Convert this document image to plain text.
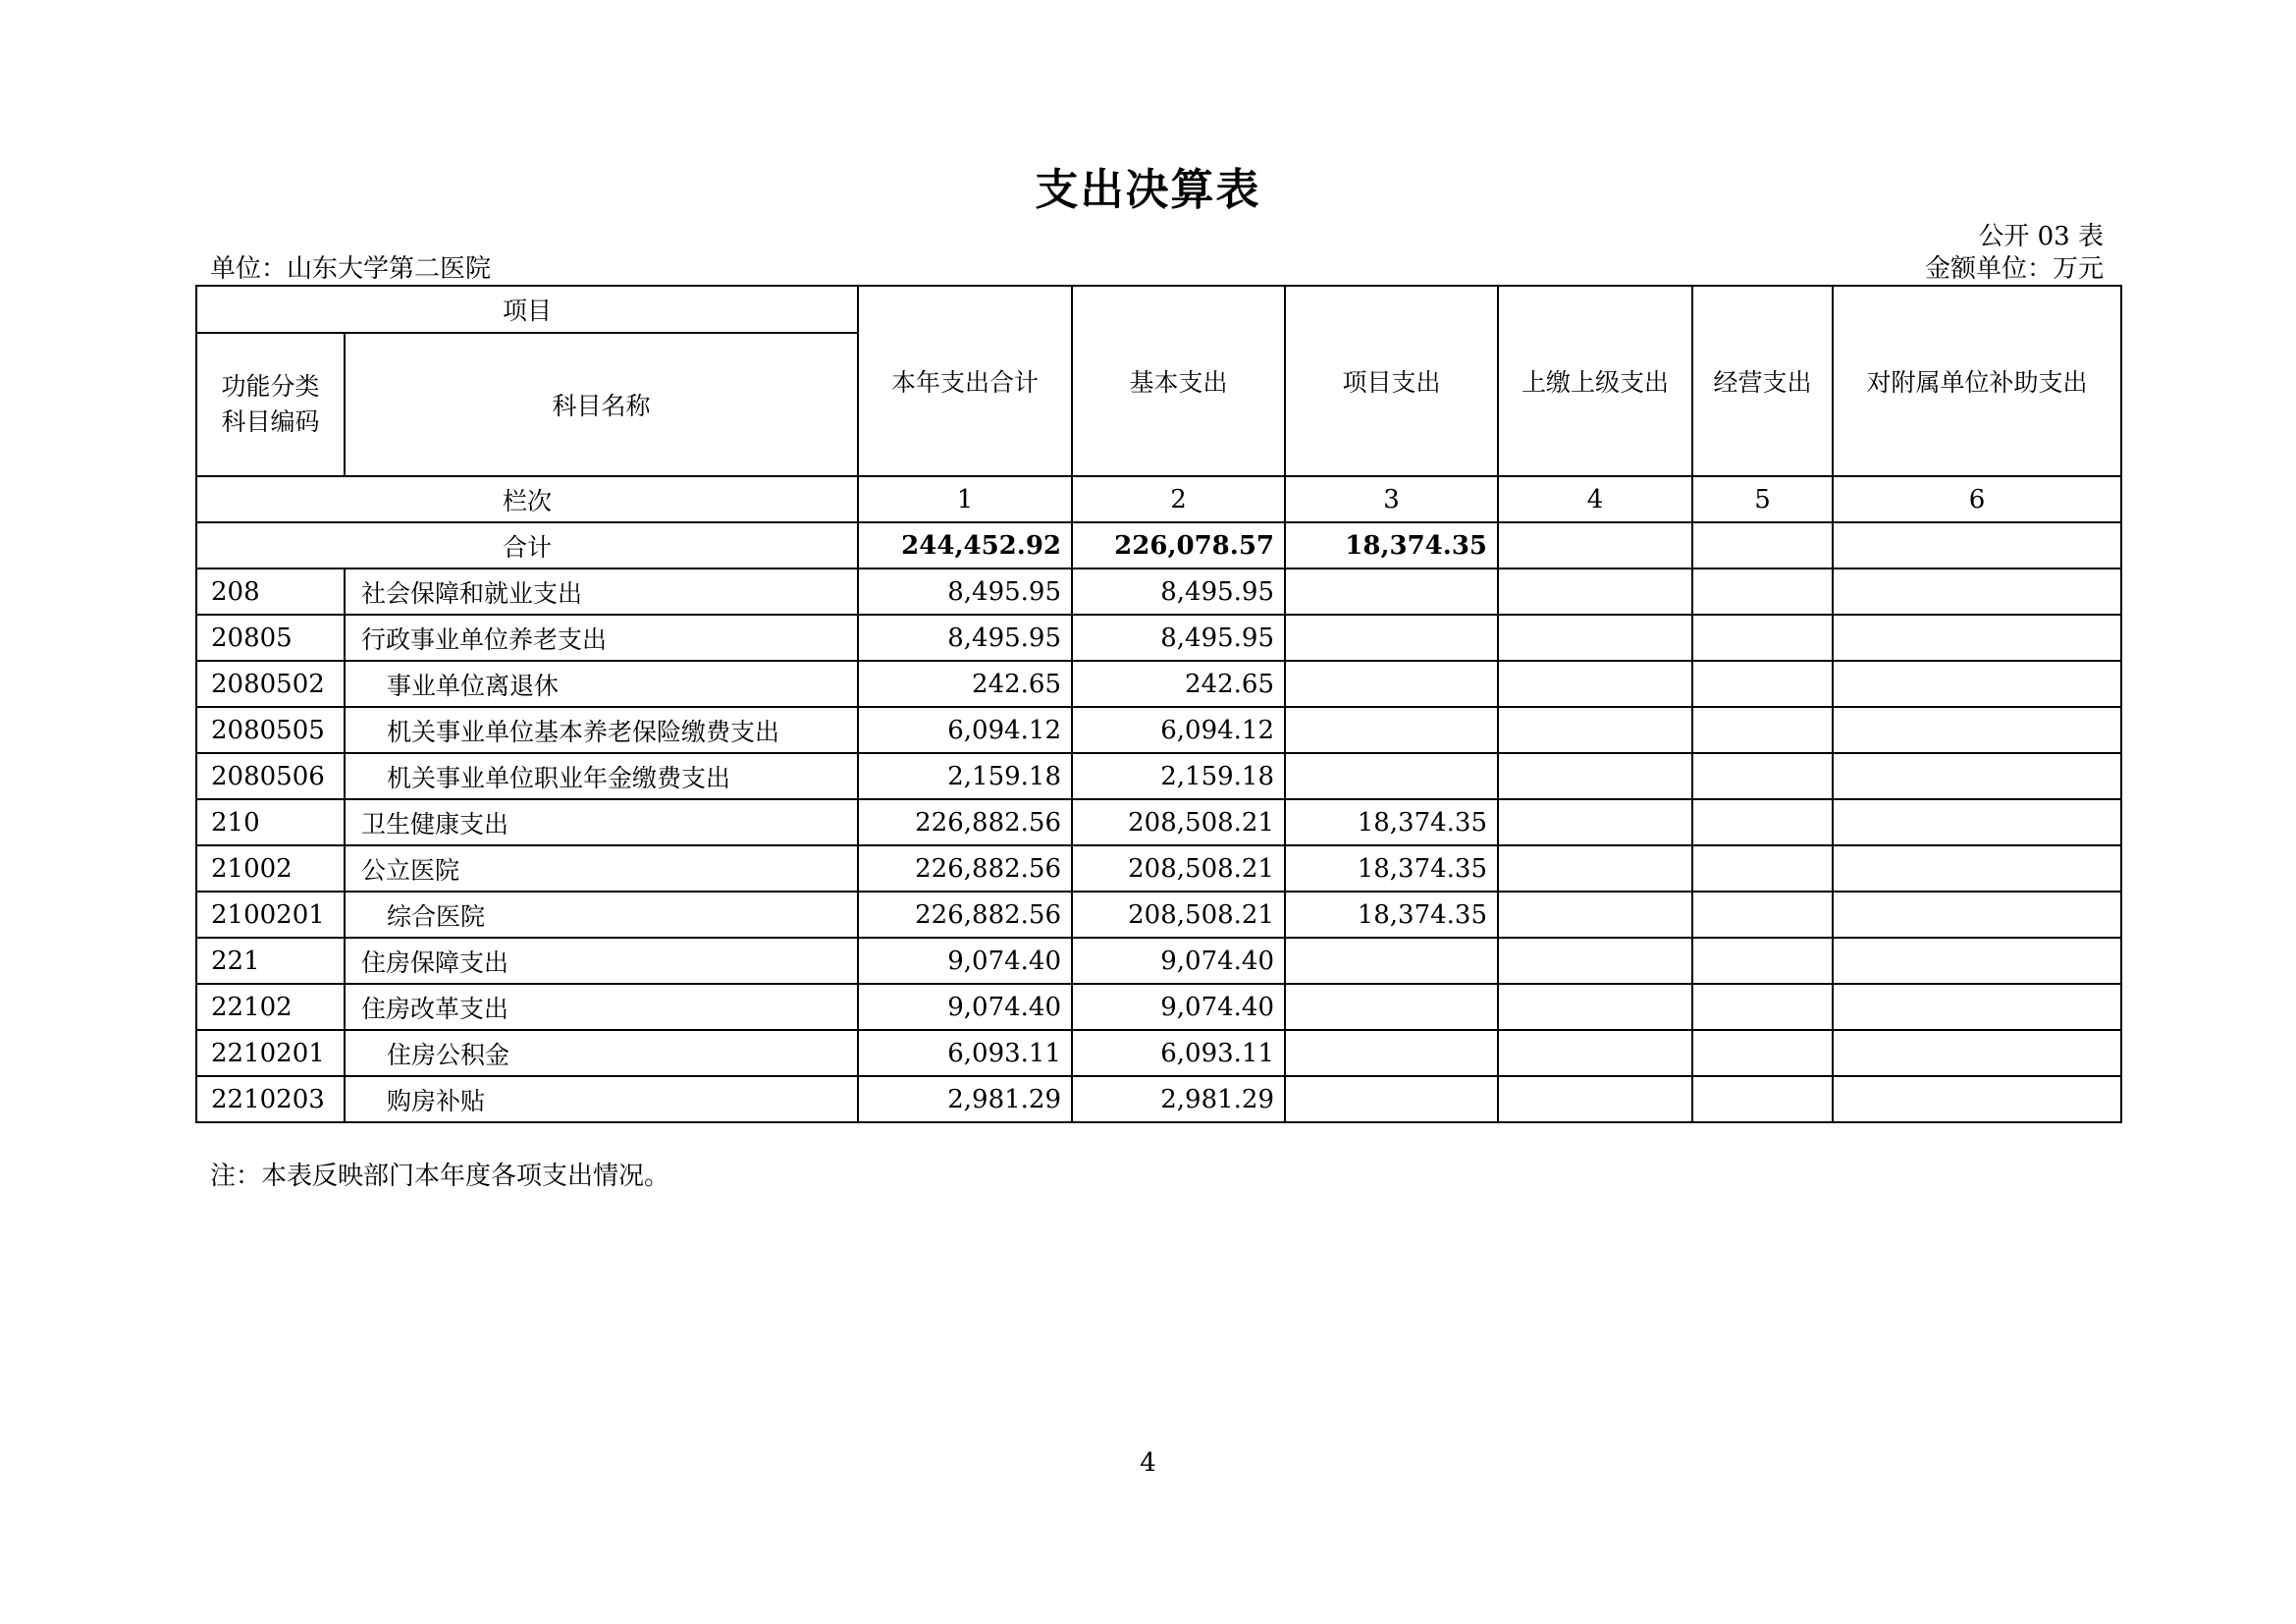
支出决算表
公开 03 表
单位：山东大学第二医院	金额单位：万元
项目		本年支出合计	基本支出	项目支出	上缴上级支出	经营支出	对附属单位补助支出
功能分类
科目编码	科目名称						
栏次		1	2	3	4	5	6
合计		244,452.92	226,078.57	18,374.35			
208	社会保障和就业支出	8,495.95	8,495.95				
20805	行政事业单位养老支出	8,495.95	8,495.95				
2080502	事业单位离退休	242.65	242.65				
2080505	机关事业单位基本养老保险缴费支出	6,094.12	6,094.12				
2080506	机关事业单位职业年金缴费支出	2,159.18	2,159.18				
210	卫生健康支出	226,882.56	208,508.21	18,374.35			
21002	公立医院	226,882.56	208,508.21	18,374.35			
2100201	综合医院	226,882.56	208,508.21	18,374.35			
221	住房保障支出	9,074.40	9,074.40				
22102	住房改革支出	9,074.40	9,074.40				
2210201	住房公积金	6,093.11	6,093.11				
2210203	购房补贴	2,981.29	2,981.29				
注：本表反映部门本年度各项支出情况。
4
